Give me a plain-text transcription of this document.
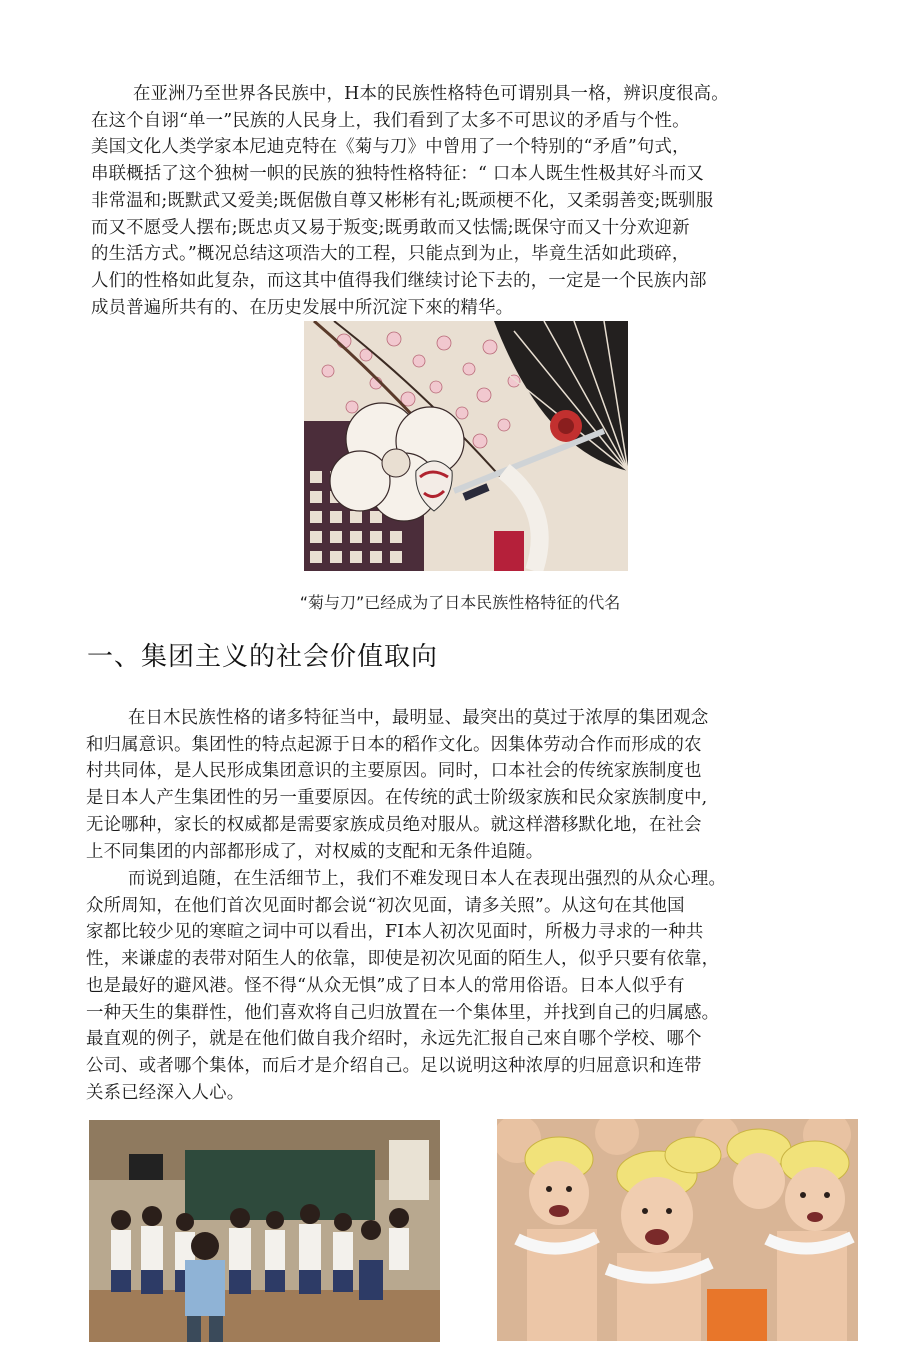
在亚洲乃至世界各民族中，H本的民族性格特色可谓别具一格，辨识度很高。
在这个自诩“单一”民族的人民身上，我们看到了太多不可思议的矛盾与个性。
美国文化人类学家本尼迪克特在《菊与刀》中曾用了一个特别的“矛盾”句式，
串联概括了这个独树一帜的民族的独特性格特征：“ 口本人既生性极其好斗而又
非常温和;既默武又爱美;既倨傲自尊又彬彬有礼;既顽梗不化，又柔弱善变;既驯服
而又不愿受人摆布;既忠贞又易于叛变;既勇敢而又怯懦;既保守而又十分欢迎新
的生活方式。”概况总结这项浩大的工程，只能点到为止，毕竟生活如此琐碎，
人们的性格如此复杂，而这其中值得我们继续讨论下去的，一定是一个民族内部
成员普遍所共有的、在历史发展中所沉淀下來的精华。
“菊与刀”已经成为了日本民族性格特征的代名
一、集团主义的社会价值取向
在日木民族性格的诸多特征当中，最明显、最突出的莫过于浓厚的集团观念
和归属意识。集团性的特点起源于日本的稻作文化。因集体劳动合作而形成的农
村共同体，是人民形成集团意识的主要原因。同时，口本社会的传统家族制度也
是日本人产生集团性的另一重要原因。在传统的武士阶级家族和民众家族制度中,
无论哪种，家长的权威都是需要家族成员绝对服从。就这样潜移默化地，在社会
上不同集团的内部都形成了，对权威的支配和无条件追随。
而说到追随，在生活细节上，我们不难发现日本人在表现出强烈的从众心理。
众所周知，在他们首次见面时都会说“初次见面，请多关照”。从这句在其他国
家都比较少见的寒暄之词中可以看出，FI本人初次见面时，所极力寻求的一种共
性，来谦虚的表带对陌生人的依靠，即使是初次见面的陌生人，似乎只要有依靠，
也是最好的避风港。怪不得“从众无惧”成了日本人的常用俗语。日本人似乎有
一种天生的集群性，他们喜欢将自己归放置在一个集体里，并找到自己的归属感。
最直观的例子，就是在他们做自我介绍时，永远先汇报自己來自哪个学校、哪个
公司、或者哪个集体，而后才是介绍自己。足以说明这种浓厚的归屈意识和连带
关系已经深入人心。
